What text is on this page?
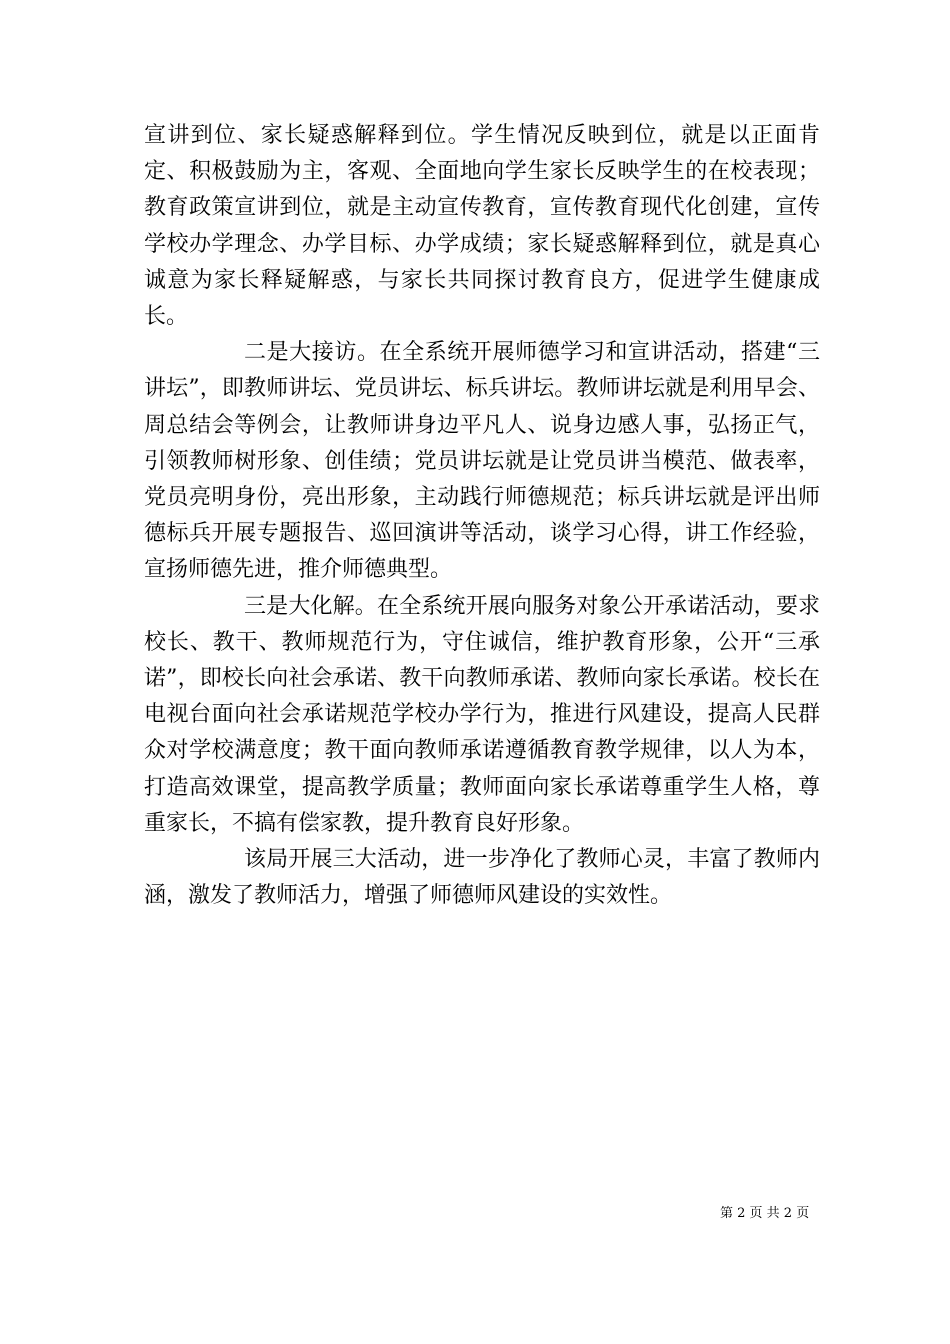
宣讲到位、家长疑惑解释到位。学生情况反映到位，就是以正面肯定、积极鼓励为主，客观、全面地向学生家长反映学生的在校表现；教育政策宣讲到位，就是主动宣传教育，宣传教育现代化创建，宣传学校办学理念、办学目标、办学成绩；家长疑惑解释到位，就是真心诚意为家长释疑解惑，与家长共同探讨教育良方，促进学生健康成长。

二是大接访。在全系统开展师德学习和宣讲活动，搭建“三讲坛”，即教师讲坛、党员讲坛、标兵讲坛。教师讲坛就是利用早会、周总结会等例会，让教师讲身边平凡人、说身边感人事，弘扬正气，引领教师树形象、创佳绩；党员讲坛就是让党员讲当模范、做表率，党员亮明身份，亮出形象，主动践行师德规范；标兵讲坛就是评出师德标兵开展专题报告、巡回演讲等活动，谈学习心得，讲工作经验，宣扬师德先进，推介师德典型。

三是大化解。在全系统开展向服务对象公开承诺活动，要求校长、教干、教师规范行为，守住诚信，维护教育形象，公开“三承诺”，即校长向社会承诺、教干向教师承诺、教师向家长承诺。校长在电视台面向社会承诺规范学校办学行为，推进行风建设，提高人民群众对学校满意度；教干面向教师承诺遵循教育教学规律，以人为本，打造高效课堂，提高教学质量；教师面向家长承诺尊重学生人格，尊重家长，不搞有偿家教，提升教育良好形象。

该局开展三大活动，进一步净化了教师心灵，丰富了教师内涵，激发了教师活力，增强了师德师风建设的实效性。

第 2 页 共 2 页
